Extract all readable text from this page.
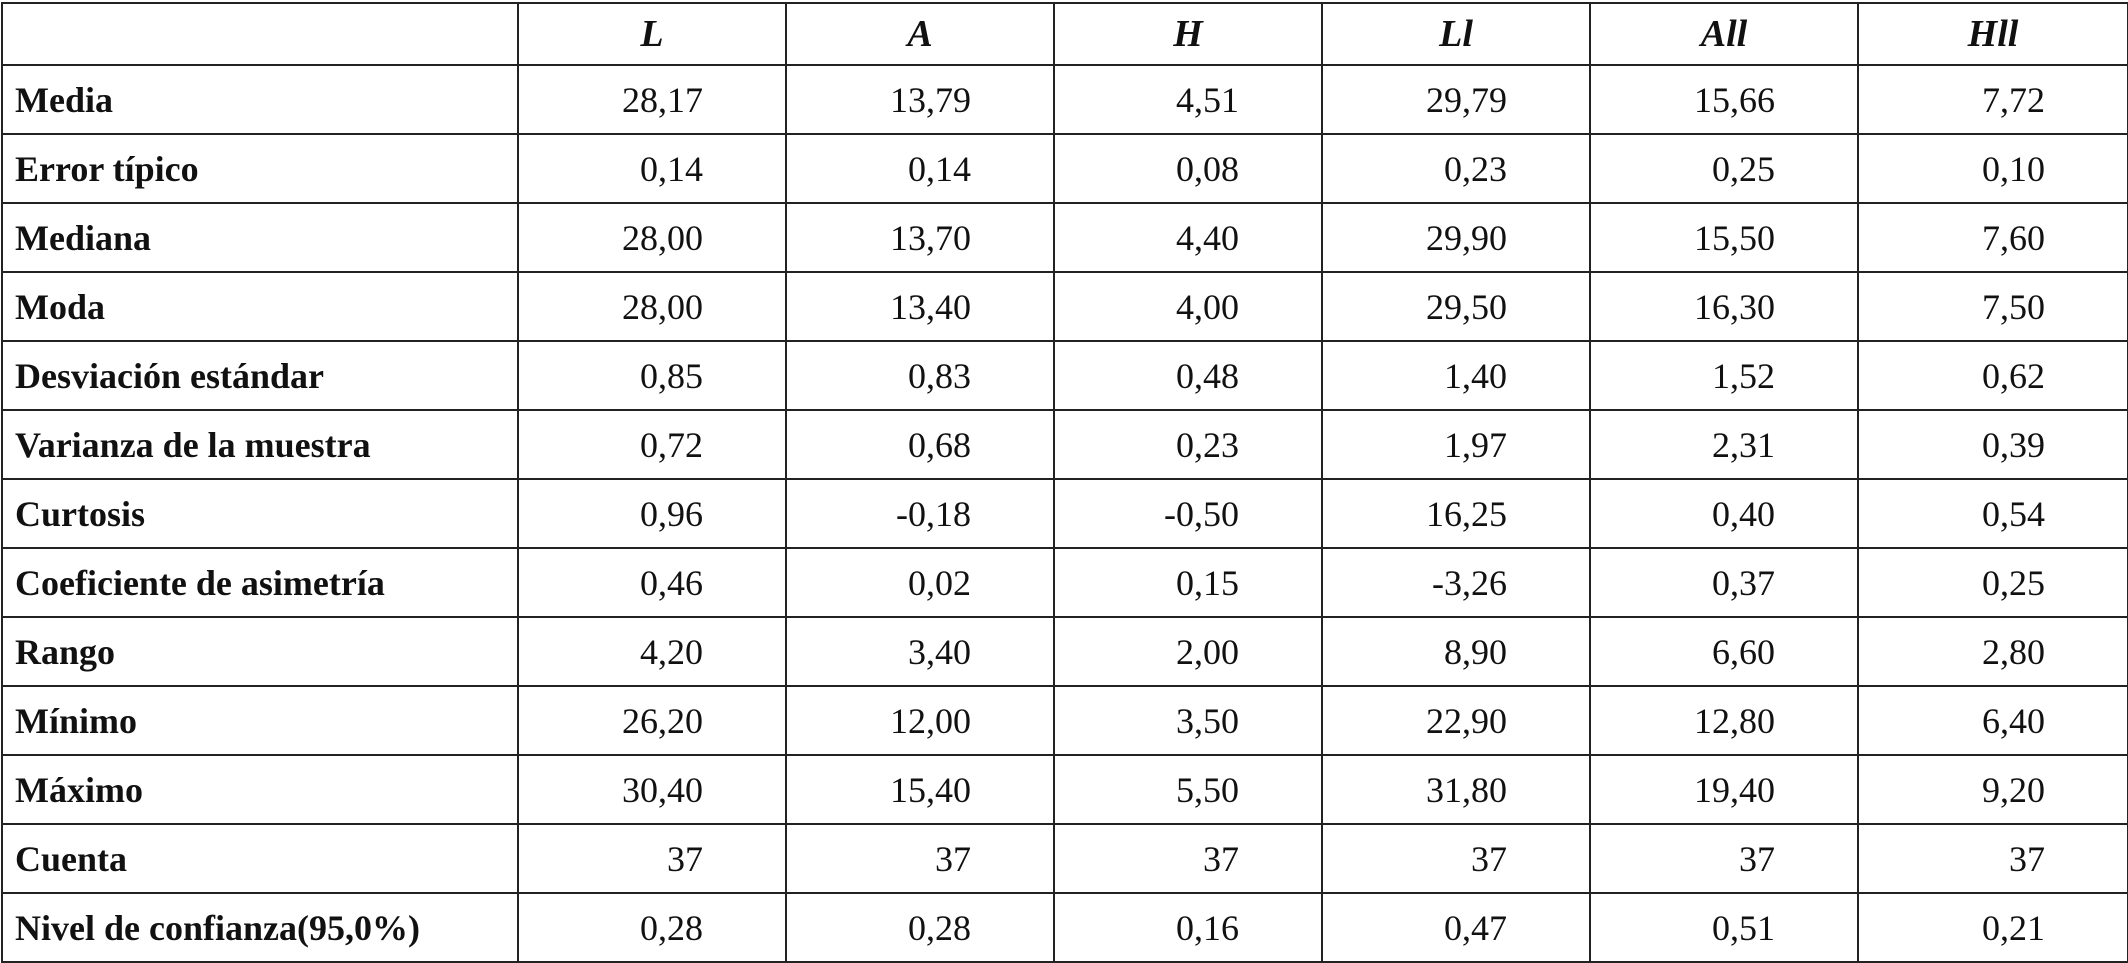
	L	A	H	Ll	All	Hll
Media	28,17	13,79	4,51	29,79	15,66	7,72
Error típico	0,14	0,14	0,08	0,23	0,25	0,10
Mediana	28,00	13,70	4,40	29,90	15,50	7,60
Moda	28,00	13,40	4,00	29,50	16,30	7,50
Desviación estándar	0,85	0,83	0,48	1,40	1,52	0,62
Varianza de la muestra	0,72	0,68	0,23	1,97	2,31	0,39
Curtosis	0,96	-0,18	-0,50	16,25	0,40	0,54
Coeficiente de asimetría	0,46	0,02	0,15	-3,26	0,37	0,25
Rango	4,20	3,40	2,00	8,90	6,60	2,80
Mínimo	26,20	12,00	3,50	22,90	12,80	6,40
Máximo	30,40	15,40	5,50	31,80	19,40	9,20
Cuenta	37	37	37	37	37	37
Nivel de confianza(95,0%)	0,28	0,28	0,16	0,47	0,51	0,21
